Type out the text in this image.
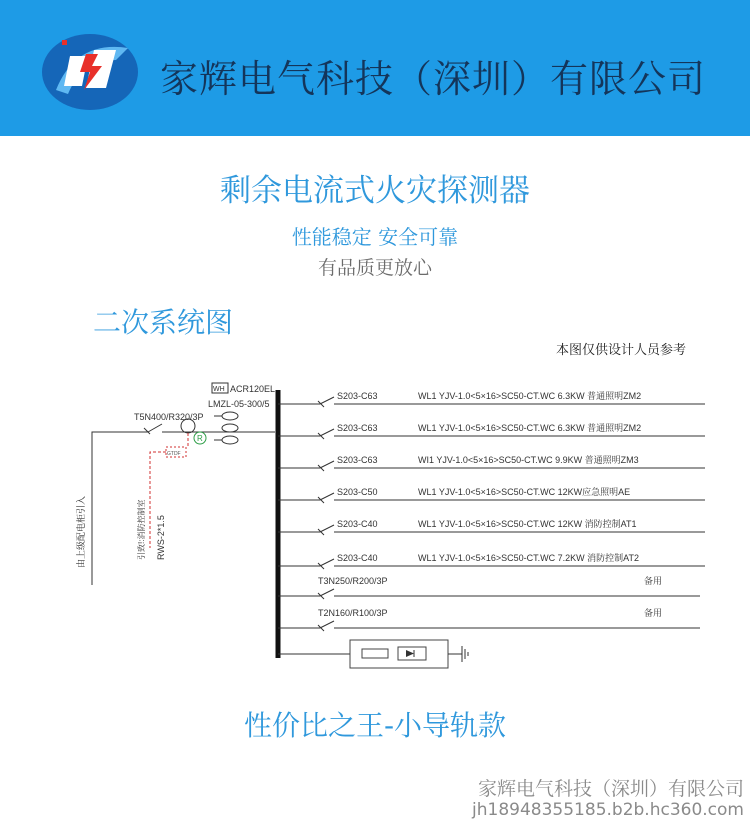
家辉电气科技（深圳）有限公司
剩余电流式火灾探测器
性能稳定 安全可靠
有品质更放心
二次系统图
本图仅供设计人员参考
由上级配电柜引入
T5N400/R320/3P
R
GTDF
引致!:消防控制室 RWS-2*1.5
WH ACR120EL
LMZL-05-300/5
S203-C63	WL1 YJV-1.0<5×16>SC50-CT.WC 6.3KW 普通照明ZM2
S203-C63	WL1 YJV-1.0<5×16>SC50-CT.WC 6.3KW 普通照明ZM2
S203-C63	WI1 YJV-1.0<5×16>SC50-CT.WC 9.9KW 普通照明ZM3
S203-C50	WL1 YJV-1.0<5×16>SC50-CT.WC 12KW应急照明AE
S203-C40	WL1 YJV-1.0<5×16>SC50-CT.WC 12KW 消防控制AT1
S203-C40	WL1 YJV-1.0<5×16>SC50-CT.WC 7.2KW 消防控制AT2
T3N250/R200/3P	备用
T2N160/R100/3P	备用
性价比之王-小导轨款
家辉电气科技（深圳）有限公司
jh18948355185.b2b.hc360.com
